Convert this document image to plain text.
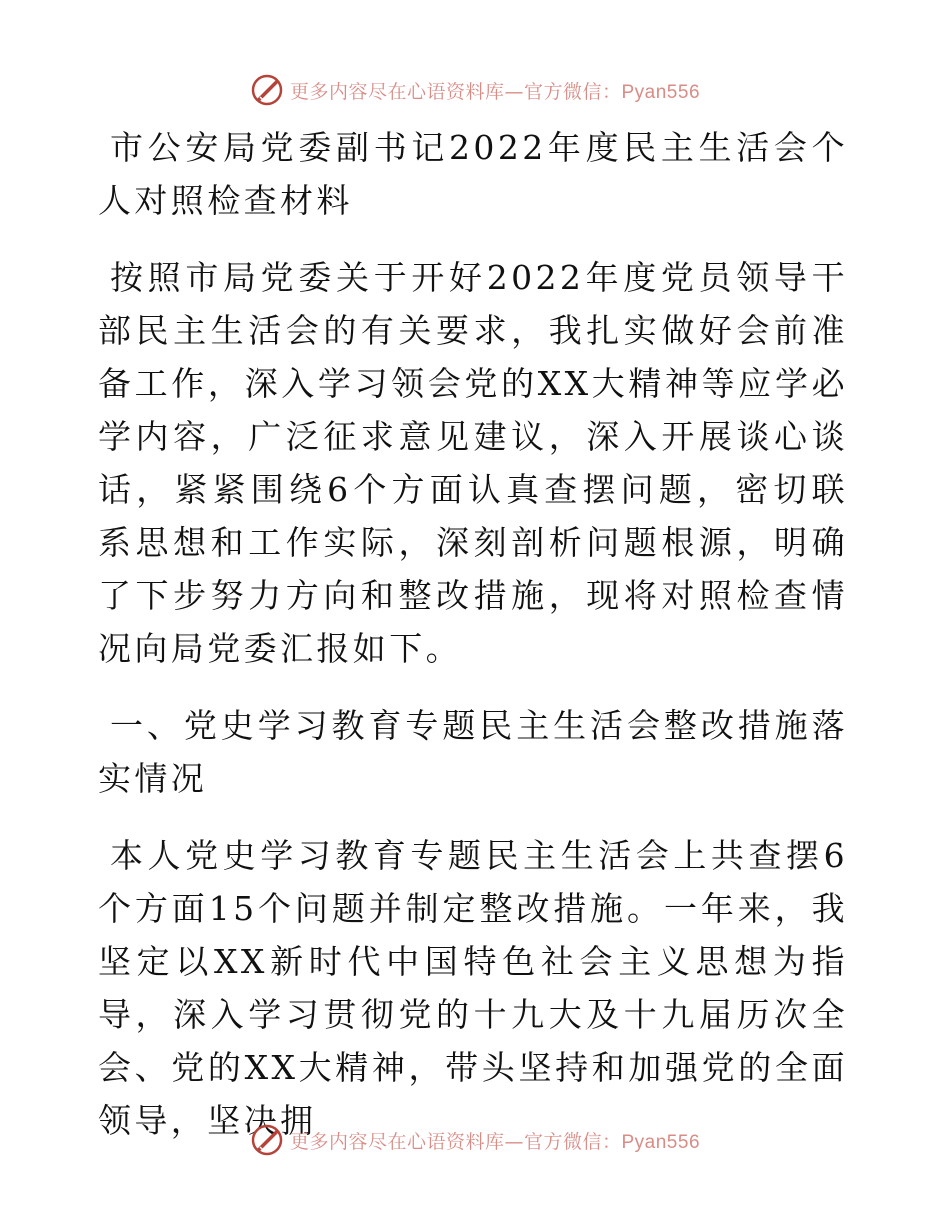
更多内容尽在心语资料库—官方微信：Pyan556

市公安局党委副书记2022年度民主生活会个人对照检查材料

按照市局党委关于开好2022年度党员领导干部民主生活会的有关要求，我扎实做好会前准备工作，深入学习领会党的XX大精神等应学必学内容，广泛征求意见建议，深入开展谈心谈话，紧紧围绕6个方面认真查摆问题，密切联系思想和工作实际，深刻剖析问题根源，明确了下步努力方向和整改措施，现将对照检查情况向局党委汇报如下。

一、党史学习教育专题民主生活会整改措施落实情况

本人党史学习教育专题民主生活会上共查摆6个方面15个问题并制定整改措施。一年来，我坚定以XX新时代中国特色社会主义思想为指导，深入学习贯彻党的十九大及十九届历次全会、党的XX大精神，带头坚持和加强党的全面领导，坚决拥

更多内容尽在心语资料库—官方微信：Pyan556
